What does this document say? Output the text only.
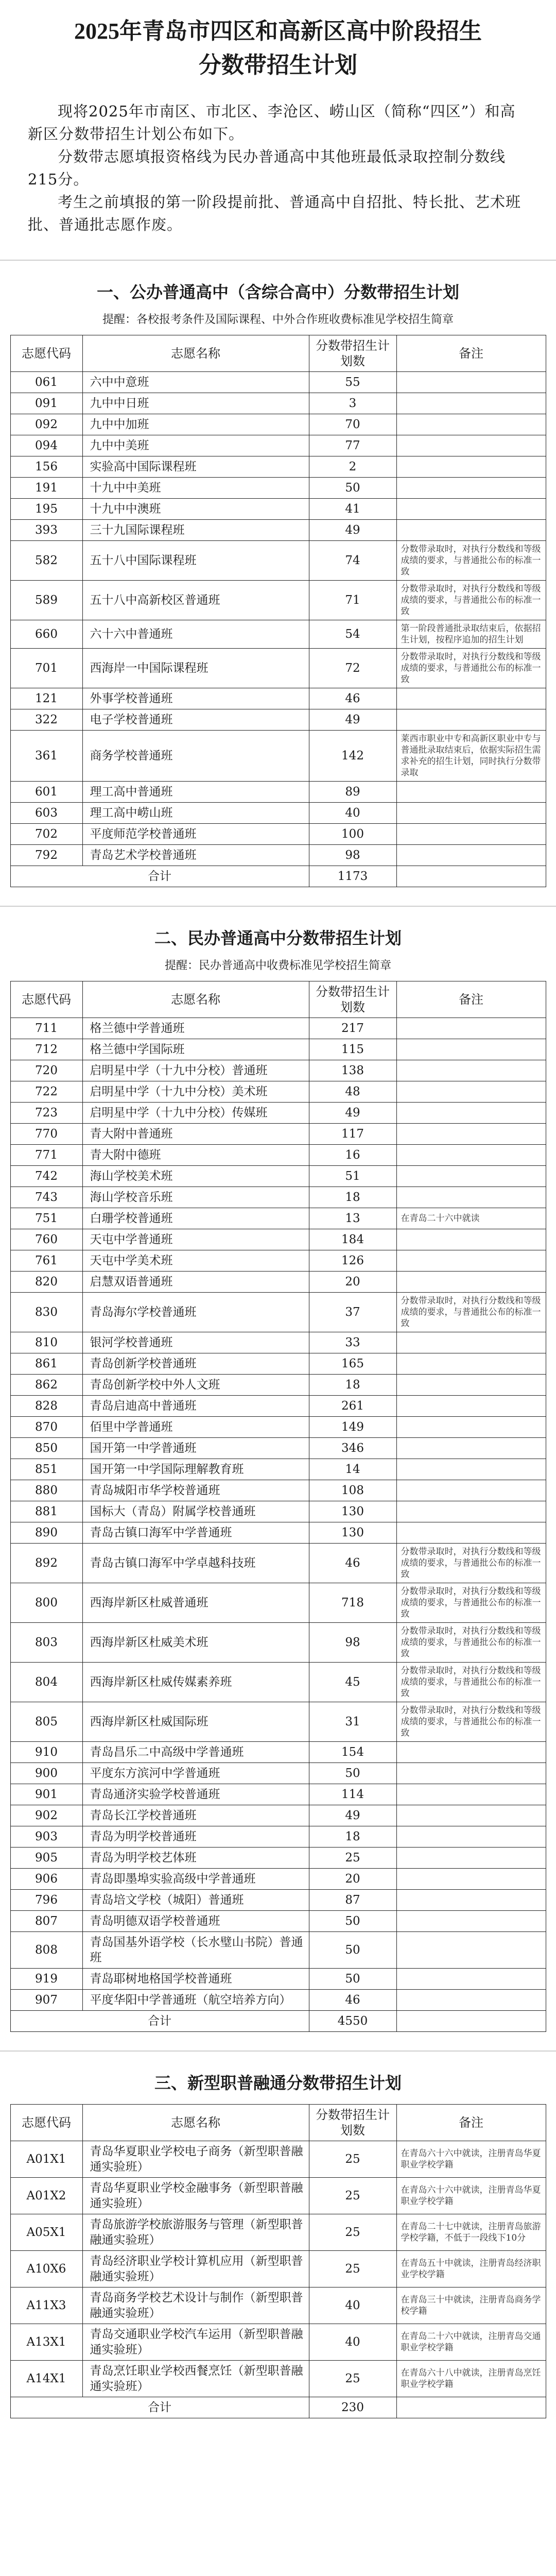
2025年青岛市四区和高新区高中阶段招生
分数带招生计划

现将2025年市南区、市北区、李沧区、崂山区（简称“四区”）和高新区分数带招生计划公布如下。

分数带志愿填报资格线为民办普通高中其他班最低录取控制分数线215分。

考生之前填报的第一阶段提前批、普通高中自招批、特长批、艺术班批、普通批志愿作废。

一、公办普通高中（含综合高中）分数带招生计划
提醒：各校报考条件及国际课程、中外合作班收费标准见学校招生简章
志愿代码	志愿名称	分数带招生计划数	备注
061	六中中意班	55	
091	九中中日班	3	
092	九中中加班	70	
094	九中中美班	77	
156	实验高中国际课程班	2	
191	十九中中美班	50	
195	十九中中澳班	41	
393	三十九国际课程班	49	
582	五十八中国际课程班	74	分数带录取时，对执行分数线和等级成绩的要求，与普通批公布的标准一致
589	五十八中高新校区普通班	71	分数带录取时，对执行分数线和等级成绩的要求，与普通批公布的标准一致
660	六十六中普通班	54	第一阶段普通批录取结束后，依据招生计划，按程序追加的招生计划
701	西海岸一中国际课程班	72	分数带录取时，对执行分数线和等级成绩的要求，与普通批公布的标准一致
121	外事学校普通班	46	
322	电子学校普通班	49	
361	商务学校普通班	142	莱西市职业中专和高新区职业中专与普通批录取结束后，依据实际招生需求补充的招生计划，同时执行分数带录取
601	理工高中普通班	89	
603	理工高中崂山班	40	
702	平度师范学校普通班	100	
792	青岛艺术学校普通班	98	
合计		1173	
二、民办普通高中分数带招生计划
提醒：民办普通高中收费标准见学校招生简章
志愿代码	志愿名称	分数带招生计划数	备注
711	格兰德中学普通班	217	
712	格兰德中学国际班	115	
720	启明星中学（十九中分校）普通班	138	
722	启明星中学（十九中分校）美术班	48	
723	启明星中学（十九中分校）传媒班	49	
770	青大附中普通班	117	
771	青大附中德班	16	
742	海山学校美术班	51	
743	海山学校音乐班	18	
751	白珊学校普通班	13	在青岛二十六中就读
760	天屯中学普通班	184	
761	天屯中学美术班	126	
820	启慧双语普通班	20	
830	青岛海尔学校普通班	37	分数带录取时，对执行分数线和等级成绩的要求，与普通批公布的标准一致
810	银河学校普通班	33	
861	青岛创新学校普通班	165	
862	青岛创新学校中外人文班	18	
828	青岛启迪高中普通班	261	
870	佰里中学普通班	149	
850	国开第一中学普通班	346	
851	国开第一中学国际理解教育班	14	
880	青岛城阳市华学校普通班	108	
881	国标大（青岛）附属学校普通班	130	
890	青岛古镇口海军中学普通班	130	
892	青岛古镇口海军中学卓越科技班	46	分数带录取时，对执行分数线和等级成绩的要求，与普通批公布的标准一致
800	西海岸新区杜威普通班	718	分数带录取时，对执行分数线和等级成绩的要求，与普通批公布的标准一致
803	西海岸新区杜威美术班	98	分数带录取时，对执行分数线和等级成绩的要求，与普通批公布的标准一致
804	西海岸新区杜威传媒素养班	45	分数带录取时，对执行分数线和等级成绩的要求，与普通批公布的标准一致
805	西海岸新区杜威国际班	31	分数带录取时，对执行分数线和等级成绩的要求，与普通批公布的标准一致
910	青岛昌乐二中高级中学普通班	154	
900	平度东方滨河中学普通班	50	
901	青岛通济实验学校普通班	114	
902	青岛长江学校普通班	49	
903	青岛为明学校普通班	18	
905	青岛为明学校艺体班	25	
906	青岛即墨埠实验高级中学普通班	20	
796	青岛培文学校（城阳）普通班	87	
807	青岛明德双语学校普通班	50	
808	青岛国基外语学校（长水璧山书院）普通班	50	
919	青岛耶树地格国学校普通班	50	
907	平度华阳中学普通班（航空培养方向）	46	
合计		4550	
三、新型职普融通分数带招生计划
志愿代码	志愿名称	分数带招生计划数	备注
A01X1	青岛华夏职业学校电子商务（新型职普融通实验班）	25	在青岛六十六中就读，注册青岛华夏职业学校学籍
A01X2	青岛华夏职业学校金融事务（新型职普融通实验班）	25	在青岛六十六中就读，注册青岛华夏职业学校学籍
A05X1	青岛旅游学校旅游服务与管理（新型职普融通实验班）	25	在青岛二十七中就读，注册青岛旅游学校学籍，不低于一段线下10分
A10X6	青岛经济职业学校计算机应用（新型职普融通实验班）	25	在青岛五十中就读，注册青岛经济职业学校学籍
A11X3	青岛商务学校艺术设计与制作（新型职普融通实验班）	40	在青岛三十中就读，注册青岛商务学校学籍
A13X1	青岛交通职业学校汽车运用（新型职普融通实验班）	40	在青岛二十六中就读，注册青岛交通职业学校学籍
A14X1	青岛烹饪职业学校西餐烹饪（新型职普融通实验班）	25	在青岛六十八中就读，注册青岛烹饪职业学校学籍
合计		230	
